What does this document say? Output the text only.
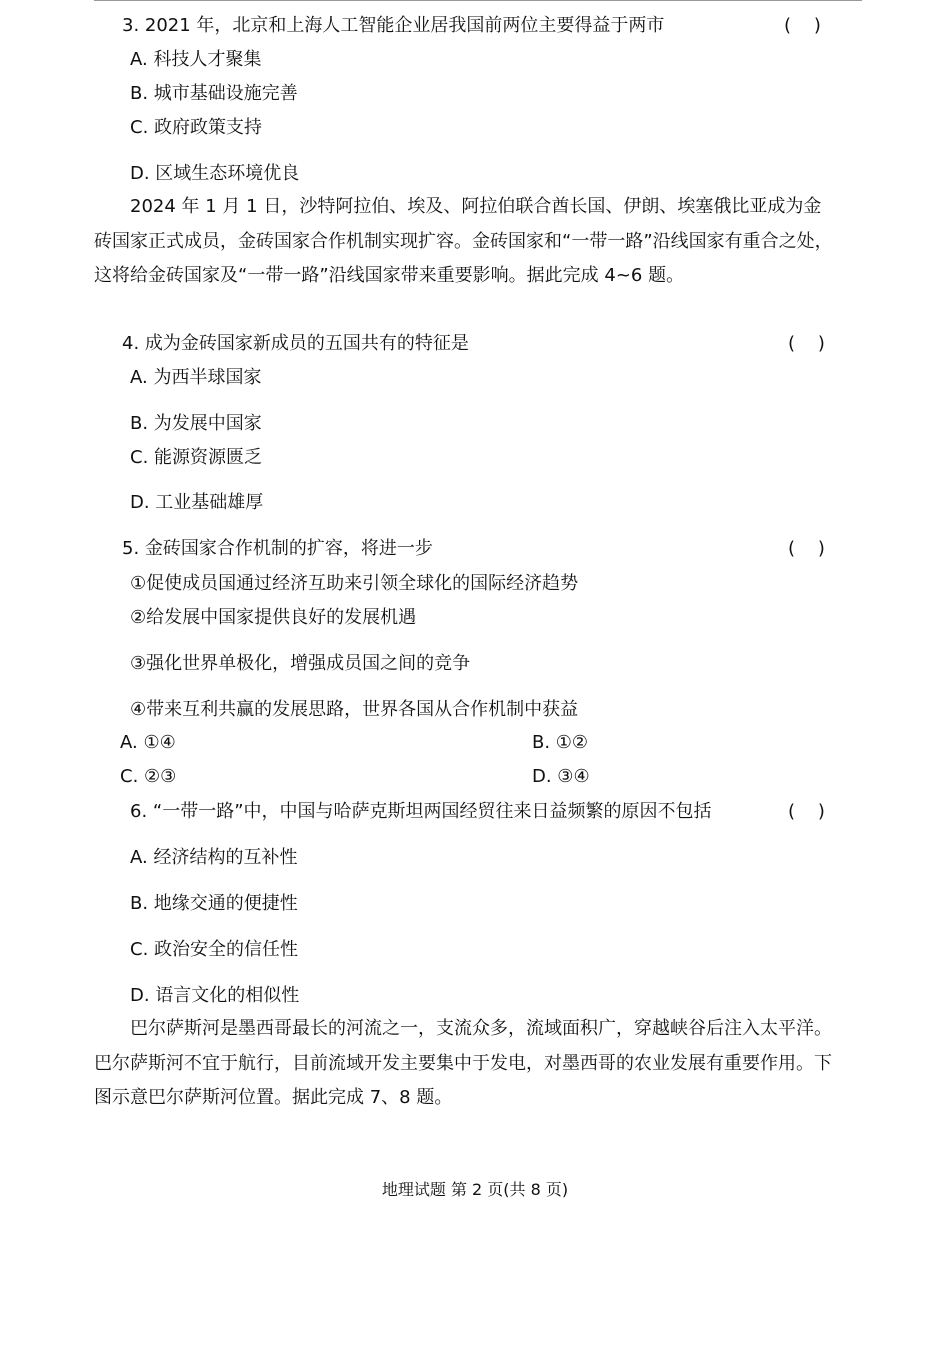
3. 2021 年，北京和上海人工智能企业居我国前两位主要得益于两市	(    )
A. 科技人才聚集
B. 城市基础设施完善
C. 政府政策支持
D. 区域生态环境优良
2024 年 1 月 1 日，沙特阿拉伯、埃及、阿拉伯联合酋长国、伊朗、埃塞俄比亚成为金砖国家正式成员，金砖国家合作机制实现扩容。金砖国家和“一带一路”沿线国家有重合之处，这将给金砖国家及“一带一路”沿线国家带来重要影响。据此完成 4~6 题。
4. 成为金砖国家新成员的五国共有的特征是	(    )
A. 为西半球国家
B. 为发展中国家
C. 能源资源匮乏
D. 工业基础雄厚
5. 金砖国家合作机制的扩容，将进一步	(    )
①促使成员国通过经济互助来引领全球化的国际经济趋势
②给发展中国家提供良好的发展机遇
③强化世界单极化，增强成员国之间的竞争
④带来互利共赢的发展思路，世界各国从合作机制中获益
A. ①④	B. ①②
C. ②③	D. ③④
6. “一带一路”中，中国与哈萨克斯坦两国经贸往来日益频繁的原因不包括	(    )
A. 经济结构的互补性
B. 地缘交通的便捷性
C. 政治安全的信任性
D. 语言文化的相似性
巴尔萨斯河是墨西哥最长的河流之一，支流众多，流域面积广，穿越峡谷后注入太平洋。巴尔萨斯河不宜于航行，目前流域开发主要集中于发电，对墨西哥的农业发展有重要作用。下图示意巴尔萨斯河位置。据此完成 7、8 题。
地理试题 第 2 页(共 8 页)
